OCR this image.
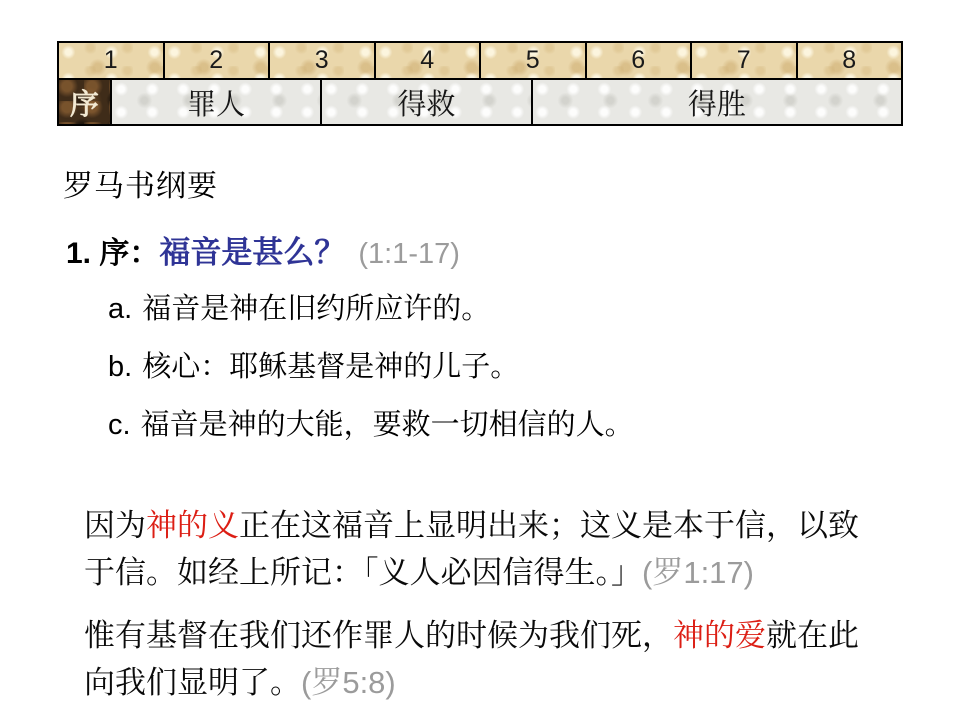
1	2	3	4	5	6	7	8
序	罪人	得救	得胜
罗马书纲要
1. 序：福音是甚么？ (1:1-17)
a. 福音是神在旧约所应许的。
b. 核心：耶稣基督是神的儿子。
c. 福音是神的大能，要救一切相信的人。
因为神的义正在这福音上显明出来；这义是本于信，以致于信。如经上所记：「义人必因信得生。」(罗1:17)
惟有基督在我们还作罪人的时候为我们死，神的爱就在此向我们显明了。(罗5:8)
